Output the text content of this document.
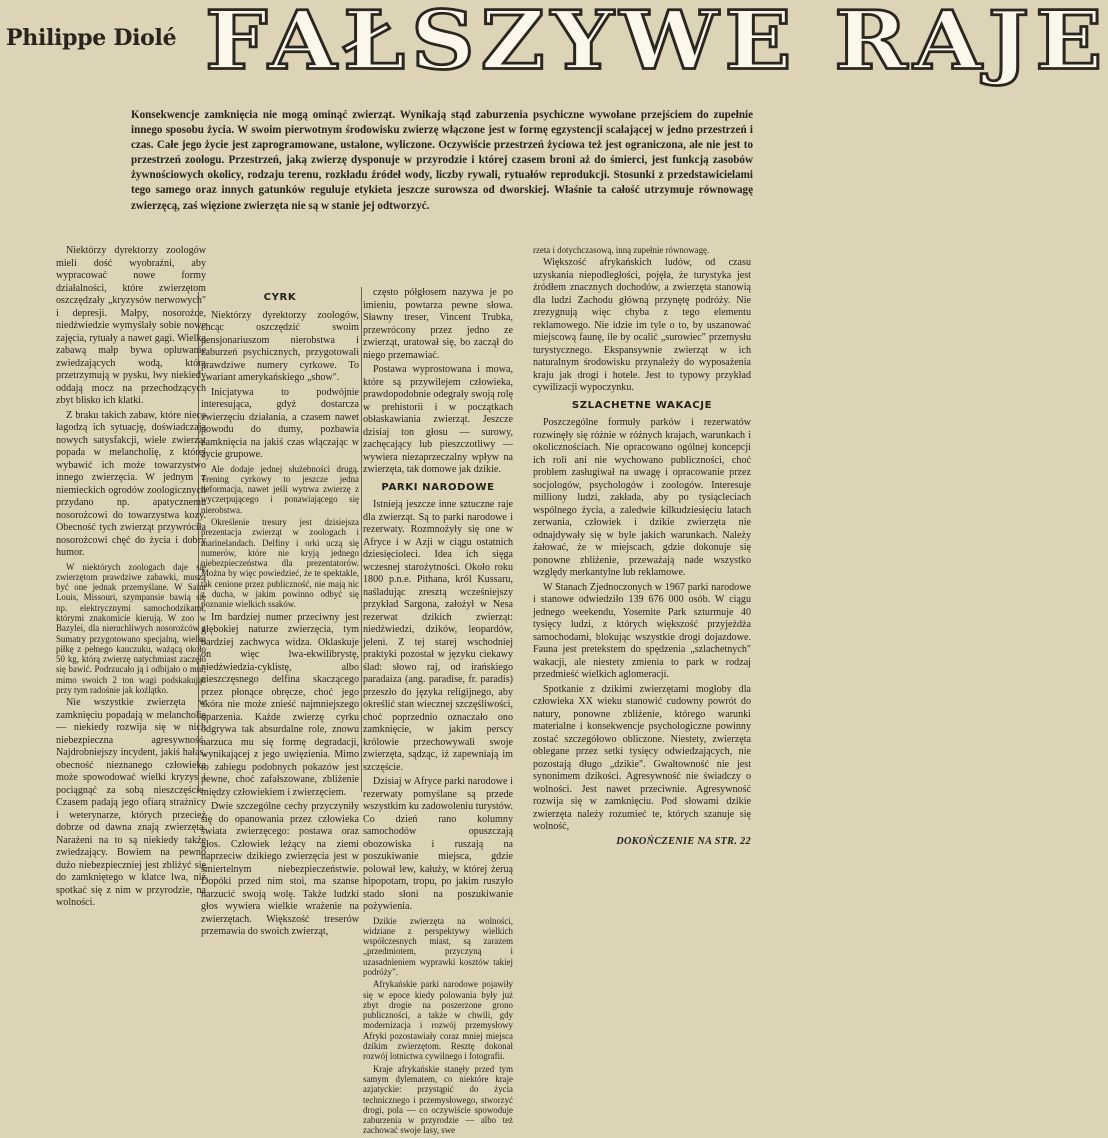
Philippe Diolé FAŁSZYWE RAJE

Konsekwencje zamknięcia nie mogą ominąć zwierząt. Wynikają stąd zaburzenia psychiczne wywołane przejściem do zupełnie innego sposobu życia. W swoim pierwotnym środowisku zwierzę włączone jest w formę egzystencji scalającej w jedno przestrzeń i czas. Całe jego życie jest zaprogramowane, ustalone, wyliczone. Oczywiście przestrzeń życiowa też jest ograniczona, ale nie jest to przestrzeń zoologu. Przestrzeń, jaką zwierzę dysponuje w przyrodzie i której czasem broni aż do śmierci, jest funkcją zasobów żywnościowych okolicy, rodzaju terenu, rozkładu źródeł wody, liczby rywali, rytuałów reprodukcji. Stosunki z przedstawicielami tego samego oraz innych gatunków reguluje etykieta jeszcze surowsza od dworskiej. Właśnie ta całość utrzymuje równowagę zwierzęcą, zaś więzione zwierzęta nie są w stanie jej odtworzyć.

Niektórzy dyrektorzy zoologów mieli dość wyobraźni, aby wypracować nowe formy działalności, które zwierzętom oszczędzały „kryzysów nerwowych" i depresji. Małpy, nosorożce, niedźwiedzie wymyślały sobie nowe zajęcia, rytuały a nawet gagi. Wielką zabawą małp bywa opluwanie zwiedzających wodą, którą przetrzymują w pysku, lwy niekiedy oddają mocz na przechodzących zbyt blisko ich klatki.

Z braku takich zabaw, które nieco łagodzą ich sytuację, doświadczają nowych satysfakcji, wiele zwierząt popada w melancholię, z której wybawić ich może towarzystwo innego zwierzęcia. W jednym z niemieckich ogrodów zoologicznych przydano np. apatycznemu nosorożcowi do towarzystwa kozy. Obecność tych zwierząt przywróciła nosorożcowi chęć do życia i dobry humor.

W niektórych zoologach daje się zwierzętom prawdziwe zabawki, muszą być one jednak przemyślane. W Saint Louis, Missouri, szympansie bawią się np. elektrycznymi samochodzikami, którymi znakomicie kierują. W zoo w Bazylei, dla nieruchliwych nosorożców z Sumatry przygotowano specjalną, wielką piłkę z pełnego kauczuku, ważącą około 50 kg, którą zwierzę natychmiast zaczęło się bawić. Podrzucało ją i odbijało o mur, mimo swoich 2 ton wagi podskakując przy tym radośnie jak koźlątko.

Nie wszystkie zwierzęta w zamknięciu popadają w melancholię — niekiedy rozwija się w nich niebezpieczna agresywność. Najdrobniejszy incydent, jakiś hałas, obecność nieznanego człowieka może spowodować wielki kryzys i pociągnąć za sobą nieszczęście. Czasem padają jego ofiarą strażnicy i weterynarze, których przecież dobrze od dawna znają zwierzęta. Narażeni na to są niekiedy także zwiedzający. Bowiem na pewno dużo niebezpieczniej jest zbliżyć się do zamkniętego w klatce lwa, niż spotkać się z nim w przyrodzie, na wolności.

CYRK

Niektórzy dyrektorzy zoologów, chcąc oszczędzić swoim pensjonariuszom nierobstwa i zaburzeń psychicznych, przygotowali prawdziwe numery cyrkowe. To „wariant amerykańskiego „show".

Inicjatywa to podwójnie interesująca, gdyż dostarcza zwierzęciu działania, a czasem nawet powodu do dumy, pozbawia zamknięcia na jakiś czas włączając w życie grupowe.

Ale dodaje jednej służebności drugą. Trening cyrkowy to jeszcze jedna deformacja, nawet jeśli wytrwa zwierzę z wyczerpującego i ponawiającego się nierobstwa.

Określenie tresury jest dzisiejsza prezentacja zwierząt w zoologach i marinelandach. Delfiny i orki uczą się numerów, które nie kryją jednego niebezpieczeństwa dla prezentatorów. Można by więc powiedzieć, że te spektakle, tak cenione przez publiczność, nie mają nic z ducha, w jakim powinno odbyć się poznanie wielkich ssaków.

Im bardziej numer przeciwny jest głębokiej naturze zwierzęcia, tym bardziej zachwyca widza. Oklaskuje on więc lwa-ekwilibrystę, niedźwiedzia-cyklistę, albo nieszczęsnego delfina skaczącego przez płonące obręcze, choć jego skóra nie może znieść najmniejszego oparzenia. Każde zwierzę cyrku odgrywa tak absurdalne role, znowu narzuca mu się formę degradacji, wynikającej z jego uwięzienia. Mimo to zabiegu podobnych pokazów jest pewne, choć zafałszowane, zbliżenie między człowiekiem i zwierzęciem.

Dwie szczególne cechy przyczyniły się do opanowania przez człowieka świata zwierzęcego: postawa oraz głos. Człowiek leżący na ziemi naprzeciw dzikiego zwierzęcia jest w śmiertelnym niebezpieczeństwie. Dopóki przed nim stoi, ma szanse narzucić swoją wolę. Także ludzki głos wywiera wielkie wrażenie na zwierzętach. Większość treserów przemawia do swoich zwierząt,

często półgłosem nazywa je po imieniu, powtarza pewne słowa. Sławny treser, Vincent Trubka, przewrócony przez jedno ze zwierząt, uratował się, bo zaczął do niego przemawiać.

Postawa wyprostowana i mowa, które są przywilejem człowieka, prawdopodobnie odegrały swoją rolę w prehistorii i w początkach obłaskawiania zwierząt. Jeszcze dzisiaj ton głosu — surowy, zachęcający lub pieszczotliwy — wywiera niezaprzeczalny wpływ na zwierzęta, tak domowe jak dzikie.

PARKI NARODOWE

Istnieją jeszcze inne sztuczne raje dla zwierząt. Są to parki narodowe i rezerwaty. Rozmnożyły się one w Afryce i w Azji w ciągu ostatnich dziesięcioleci. Idea ich sięga wczesnej starożytności. Około roku 1800 p.n.e. Pithana, król Kussaru, naśladując zresztą wcześniejszy przykład Sargona, założył w Nesa rezerwat dzikich zwierząt: niedźwiedzi, dzików, leopardów, jeleni. Z tej starej wschodniej praktyki pozostał w języku ciekawy ślad: słowo raj, od irańskiego paradaiza (ang. paradise, fr. paradis) przeszło do języka religijnego, aby określić stan wiecznej szczęśliwości, choć poprzednio oznaczało ono zamknięcie, w jakim perscy królowie przechowywali swoje zwierzęta, sądząc, iż zapewniają im szczęście.

Dzisiaj w Afryce parki narodowe i rezerwaty pomyślane są przede wszystkim ku zadowoleniu turystów. Co dzień rano kolumny samochodów opuszczają obozowiska i ruszają na poszukiwanie miejsca, gdzie polował lew, kałuży, w której żeruą hipopotam, tropu, po jakim ruszyło stado słoni na poszukiwanie pożywienia.

Dzikie zwierzęta na wolności, widziane z perspektywy wielkich współczesnych miast, są zarazem „przedmiotem, przyczyną i uzasadnieniem wyprawki kosztów takiej podróży".

Afrykańskie parki narodowe pojawiły się w epoce kiedy polowania były już zbyt drogie na poszerzone grono publiczności, a także w chwili, gdy modernizacja i rozwój przemysłowy Afryki pozostawiały coraz mniej miejsca dzikim zwierzętom. Resztę dokonał rozwój lotnictwa cywilnego i fotografii.

Kraje afrykańskie stanęły przed tym samym dylematem, co niektóre kraje azjatyckie: przystąpić do życia technicznego i przemysłowego, stworzyć drogi, pola — co oczywiście spowoduje zaburzenia w przyrodzie — albo też zachować swoje lasy, swe

rzeta i dotychczasową, inną zupełnie równowagę.

Większość afrykańskich ludów, od czasu uzyskania niepodległości, pojęła, że turystyka jest źródłem znacznych dochodów, a zwierzęta stanowią dla ludzi Zachodu główną przynętę podróży. Nie zrezygnują więc chyba z tego elementu reklamowego. Nie idzie im tyle o to, by uszanować miejscową faunę, ile by ocalić „surowiec" przemysłu turystycznego. Ekspansywnie zwierząt w ich naturalnym środowisku przynależy do wyposażenia kraju jak drogi i hotele. Jest to typowy przykład cywilizacji wypoczynku.

SZLACHETNE WAKACJE

Poszczególne formuły parków i rezerwatów rozwinęły się różnie w różnych krajach, warunkach i okolicznościach. Nie opracowano ogólnej koncepcji ich roli ani nie wychowano publiczności, choć problem zasługiwał na uwagę i opracowanie przez socjologów, psychologów i zoologów. Interesuje milliony ludzi, zakłada, aby po tysiącleciach wspólnego życia, a zaledwie kilkudziesięciu latach zerwania, człowiek i dzikie zwierzęta nie odnajdywały się w byle jakich warunkach. Należy żałować, że w miejscach, gdzie dokonuje się ponowne zbliżenie, przeważają nade wszystko względy merkantylne lub reklamowe.

W Stanach Zjednoczonych w 1967 parki narodowe i stanowe odwiedziło 139 676 000 osób. W ciągu jednego weekendu, Yosemite Park szturmuje 40 tysięcy ludzi, z których większość przyjeżdża samochodami, blokując wszystkie drogi dojazdowe. Fauna jest pretekstem do spędzenia „szlachetnych" wakacji, ale niestety zmienia to park w rodzaj przedmieść wielkich aglomeracji.

Spotkanie z dzikimi zwierzętami mogłoby dla człowieka XX wieku stanowić cudowny powrót do natury, ponowne zbliżenie, którego warunki materialne i konsekwencje psychologiczne powinny zostać szczegółowo obliczone. Niestety, zwierzęta oblegane przez setki tysięcy odwiedzających, nie pozostają długo „dzikie". Gwałtowność nie jest synonimem dzikości. Agresywność nie świadczy o wolności. Jest nawet przeciwnie. Agresywność rozwija się w zamknięciu. Pod słowami dzikie zwierzęta należy rozumieć te, których szanuje się wolność,

DOKOŃCZENIE NA STR. 22
